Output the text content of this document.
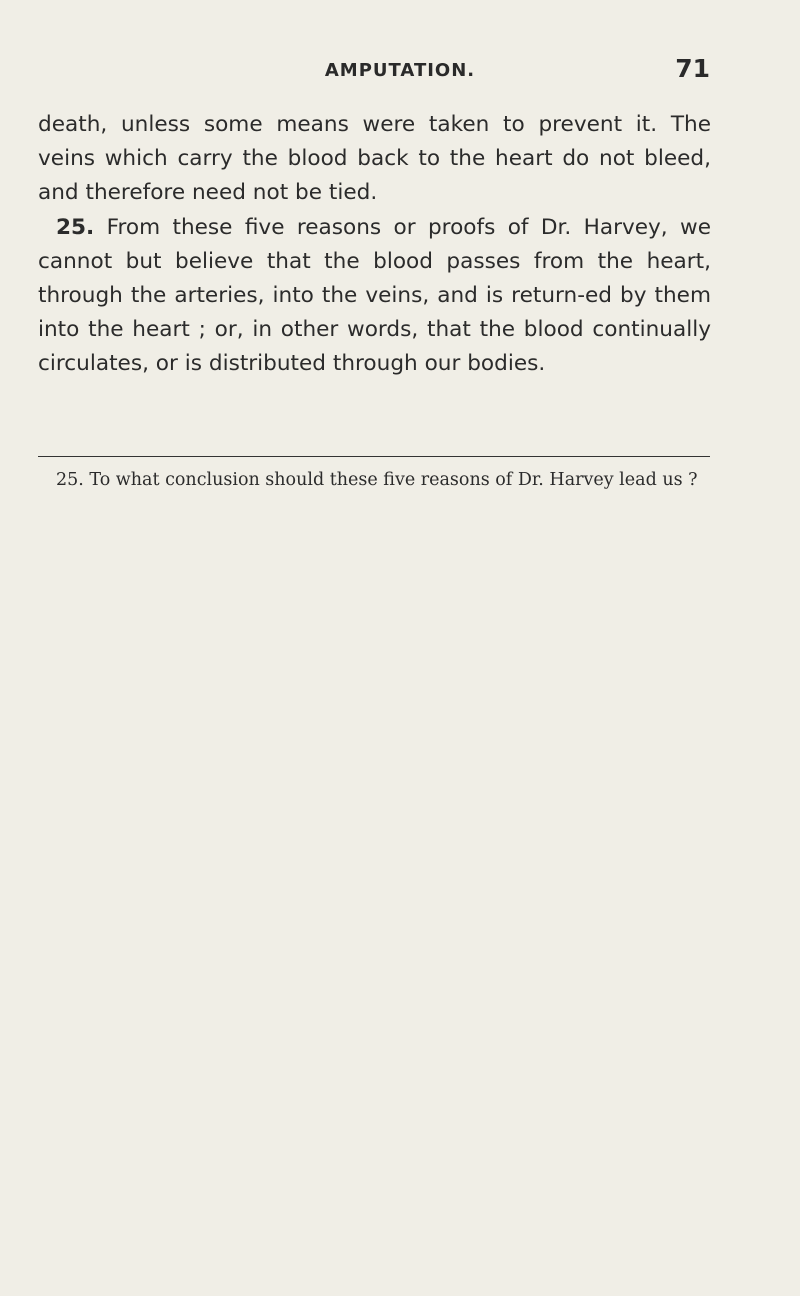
AMPUTATION.	71

death, unless some means were taken to prevent it. The veins which carry the blood back to the heart do not bleed, and therefore need not be tied.

25. From these five reasons or proofs of Dr. Harvey, we cannot but believe that the blood passes from the heart, through the arteries, into the veins, and is return-ed by them into the heart ; or, in other words, that the blood continually circulates, or is distributed through our bodies.

25. To what conclusion should these five reasons of Dr. Harvey lead us ?
